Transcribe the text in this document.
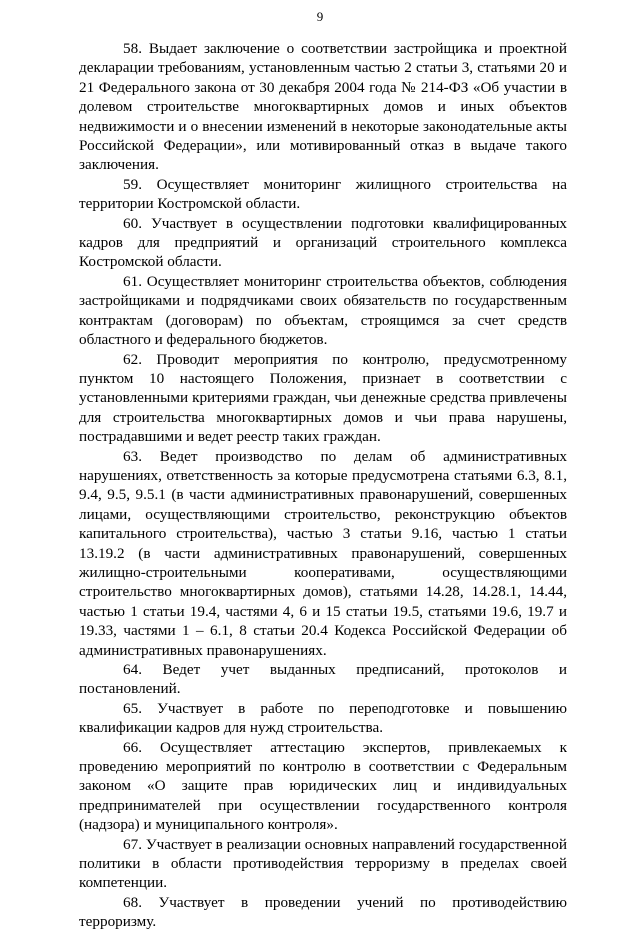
9

58. Выдает заключение о соответствии застройщика и проектной декларации требованиям, установленным частью 2 статьи 3, статьями 20 и 21 Федерального закона от 30 декабря 2004 года № 214-ФЗ «Об участии в долевом строительстве многоквартирных домов и иных объектов недвижимости и о внесении изменений в некоторые законодательные акты Российской Федерации», или мотивированный отказ в выдаче такого заключения.

59. Осуществляет мониторинг жилищного строительства на территории Костромской области.

60. Участвует в осуществлении подготовки квалифицированных кадров для предприятий и организаций строительного комплекса Костромской области.

61. Осуществляет мониторинг строительства объектов, соблюдения застройщиками и подрядчиками своих обязательств по государственным контрактам (договорам) по объектам, строящимся за счет средств областного и федерального бюджетов.

62. Проводит мероприятия по контролю, предусмотренному пунктом 10 настоящего Положения, признает в соответствии с установленными критериями граждан, чьи денежные средства привлечены для строительства многоквартирных домов и чьи права нарушены, пострадавшими и ведет реестр таких граждан.

63. Ведет производство по делам об административных нарушениях, ответственность за которые предусмотрена статьями 6.3, 8.1, 9.4, 9.5, 9.5.1 (в части административных правонарушений, совершенных лицами, осуществляющими строительство, реконструкцию объектов капитального строительства), частью 3 статьи 9.16, частью 1 статьи 13.19.2 (в части административных правонарушений, совершенных жилищно-строительными кооперативами, осуществляющими строительство многоквартирных домов), статьями 14.28, 14.28.1, 14.44, частью 1 статьи 19.4, частями 4, 6 и 15 статьи 19.5, статьями 19.6, 19.7 и 19.33, частями 1 – 6.1, 8 статьи 20.4 Кодекса Российской Федерации об административных правонарушениях.

64. Ведет учет выданных предписаний, протоколов и постановлений.

65. Участвует в работе по переподготовке и повышению квалификации кадров для нужд строительства.

66. Осуществляет аттестацию экспертов, привлекаемых к проведению мероприятий по контролю в соответствии с Федеральным законом «О защите прав юридических лиц и индивидуальных предпринимателей при осуществлении государственного контроля (надзора) и муниципального контроля».

67. Участвует в реализации основных направлений государственной политики в области противодействия терроризму в пределах своей компетенции.

68. Участвует в проведении учений по противодействию терроризму.
